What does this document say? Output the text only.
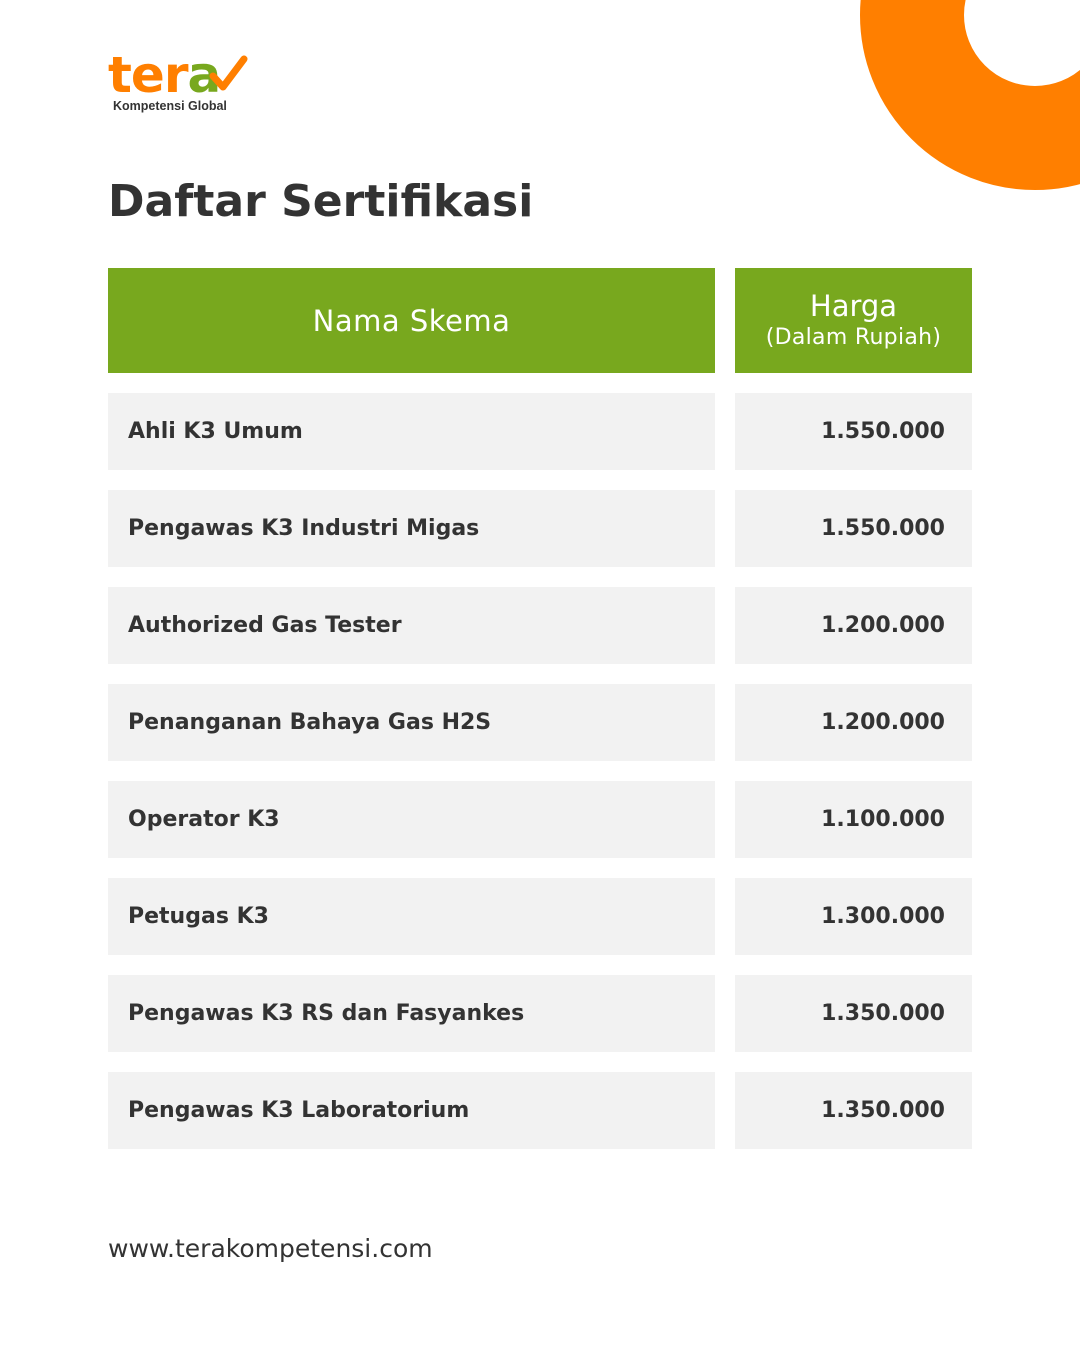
tera
Kompetensi Global
Daftar Sertifikasi
Nama Skema	Harga
(Dalam Rupiah)
Ahli K3 Umum	1.550.000
Pengawas K3 Industri Migas	1.550.000
Authorized Gas Tester	1.200.000
Penanganan Bahaya Gas H2S	1.200.000
Operator K3	1.100.000
Petugas K3	1.300.000
Pengawas K3 RS dan Fasyankes	1.350.000
Pengawas K3 Laboratorium	1.350.000
www.terakompetensi.com
